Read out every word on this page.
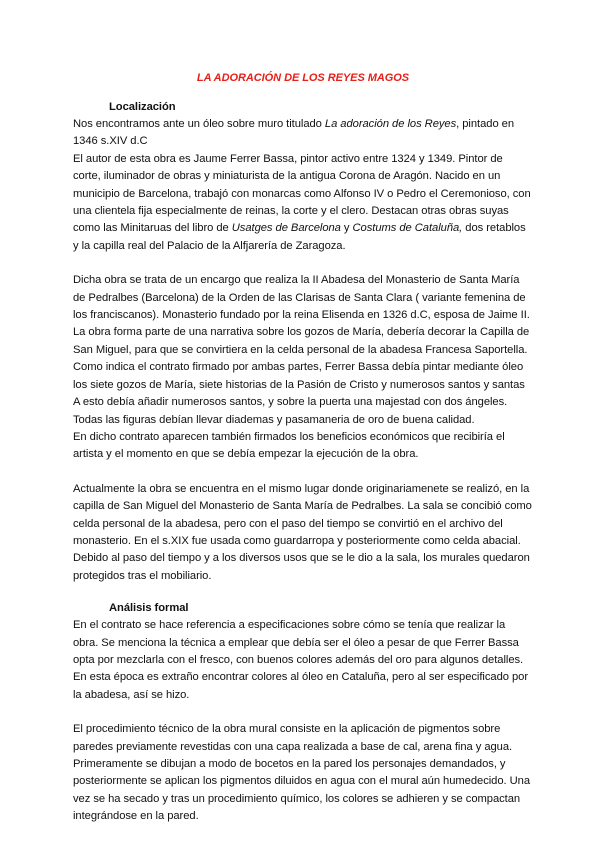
LA ADORACIÓN DE LOS REYES MAGOS
Localización

Nos encontramos ante un óleo sobre muro titulado La adoración de los Reyes, pintado en 1346 s.XIV d.C

El autor de esta obra es Jaume Ferrer Bassa, pintor activo entre 1324 y 1349. Pintor de corte, iluminador de obras y miniaturista de la antigua Corona de Aragón. Nacido en un municipio de Barcelona, trabajó con monarcas como Alfonso IV o Pedro el Ceremonioso, con una clientela fija especialmente de reinas, la corte y el clero. Destacan otras obras suyas como las Minitaruas del libro de Usatges de Barcelona y Costums de Cataluña, dos retablos y la capilla real del Palacio de la Alfjarería de Zaragoza.

Dicha obra se trata de un encargo que realiza la II Abadesa del Monasterio de Santa María de Pedralbes (Barcelona) de la Orden de las Clarisas de Santa Clara ( variante femenina de los franciscanos). Monasterio fundado por la reina Elisenda en 1326 d.C, esposa de Jaime II. La obra forma parte de una narrativa sobre los gozos de María, debería decorar la Capilla de San Miguel, para que se convirtiera en la celda personal de la abadesa Francesa Saportella.

Como indica el contrato firmado por ambas partes, Ferrer Bassa debía pintar mediante óleo los siete gozos de María, siete historias de la Pasión de Cristo y numerosos santos y santas A esto debía añadir numerosos santos, y sobre la puerta una majestad con dos ángeles. Todas las figuras debían llevar diademas y pasamaneria de oro de buena calidad.

En dicho contrato aparecen también firmados los beneficios económicos que recibiría el artista y el momento en que se debía empezar la ejecución de la obra.

Actualmente la obra se encuentra en el mismo lugar donde originariamenete se realizó, en la capilla de San Miguel del Monasterio de Santa María de Pedralbes. La sala se concibió como celda personal de la abadesa, pero con el paso del tiempo se convirtió en el archivo del monasterio. En el s.XIX fue usada como guardarropa y posteriormente como celda abacial. Debido al paso del tiempo y a los diversos usos que se le dio a la sala, los murales quedaron protegidos tras el mobiliario.

Análisis formal

En el contrato se hace referencia a especificaciones sobre cómo se tenía que realizar la obra. Se menciona la técnica a emplear que debía ser el óleo a pesar de que Ferrer Bassa opta por mezclarla con el fresco, con buenos colores además del oro para algunos detalles. En esta época es extraño encontrar colores al óleo en Cataluña, pero al ser especificado por la abadesa, así se hizo.

El procedimiento técnico de la obra mural consiste en la aplicación de pigmentos sobre paredes previamente revestidas con una capa realizada a base de cal, arena fina y agua. Primeramente se dibujan a modo de bocetos en la pared los personajes demandados, y posteriormente se aplican los pigmentos diluidos en agua con el mural aún humedecido. Una vez se ha secado y tras un procedimiento químico, los colores se adhieren y se compactan integrándose en la pared.
